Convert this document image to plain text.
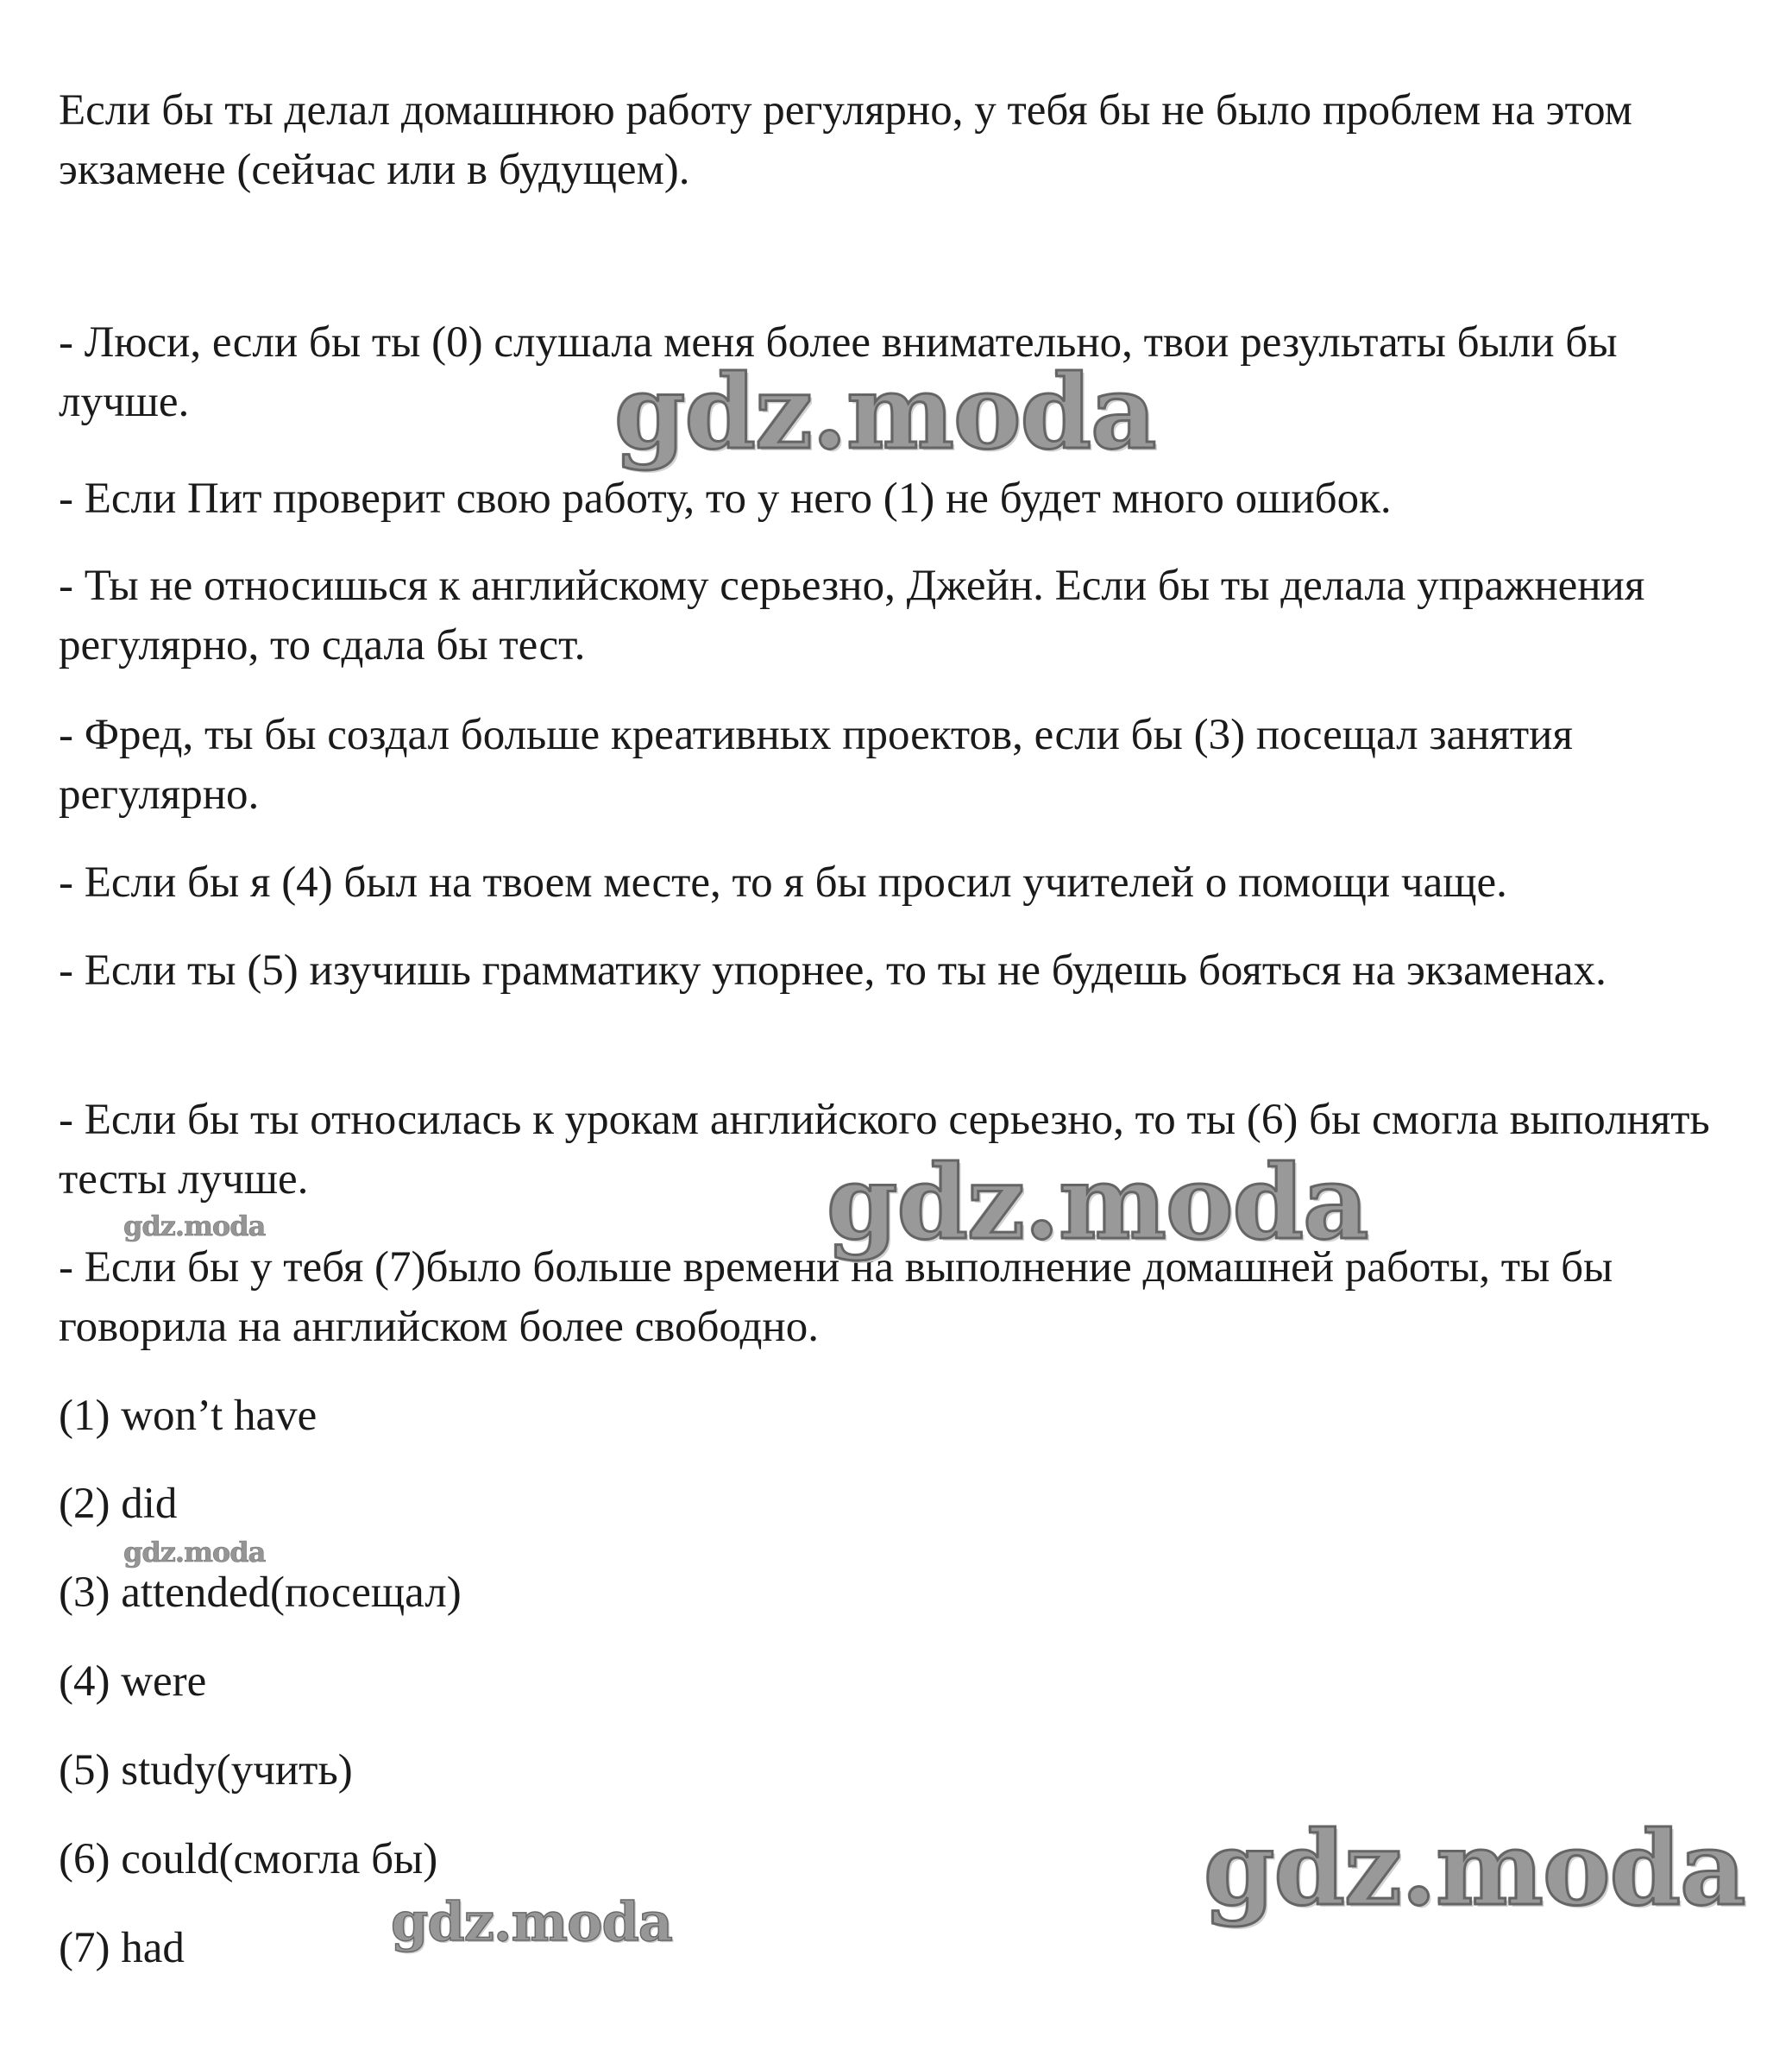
Если бы ты делал домашнюю работу регулярно, у тебя бы не было проблем на этом экзамене (сейчас или в будущем).

- Люси, если бы ты (0) слушала меня более внимательно, твои результаты были бы лучше.

- Если Пит проверит свою работу, то у него (1) не будет много ошибок.

- Ты не относишься к английскому серьезно, Джейн. Если бы ты делала упражнения регулярно, то сдала бы тест.

- Фред, ты бы создал больше креативных проектов, если бы (3) посещал занятия регулярно.

- Если бы я (4) был на твоем месте, то я бы просил учителей о помощи чаще.

- Если ты (5) изучишь грамматику упорнее, то ты не будешь бояться на экзаменах.

- Если бы ты относилась к урокам английского серьезно, то ты (6) бы смогла выполнять тесты лучше.

- Если бы у тебя (7)было больше времени на выполнение домашней работы, ты бы говорила на английском более свободно.

(1) won’t have

(2) did

(3) attended(посещал)

(4) were

(5) study(учить)

(6) could(смогла бы)

(7) had

gdz.moda
gdz.moda
gdz.moda
gdz.moda
gdz.moda
gdz.moda
